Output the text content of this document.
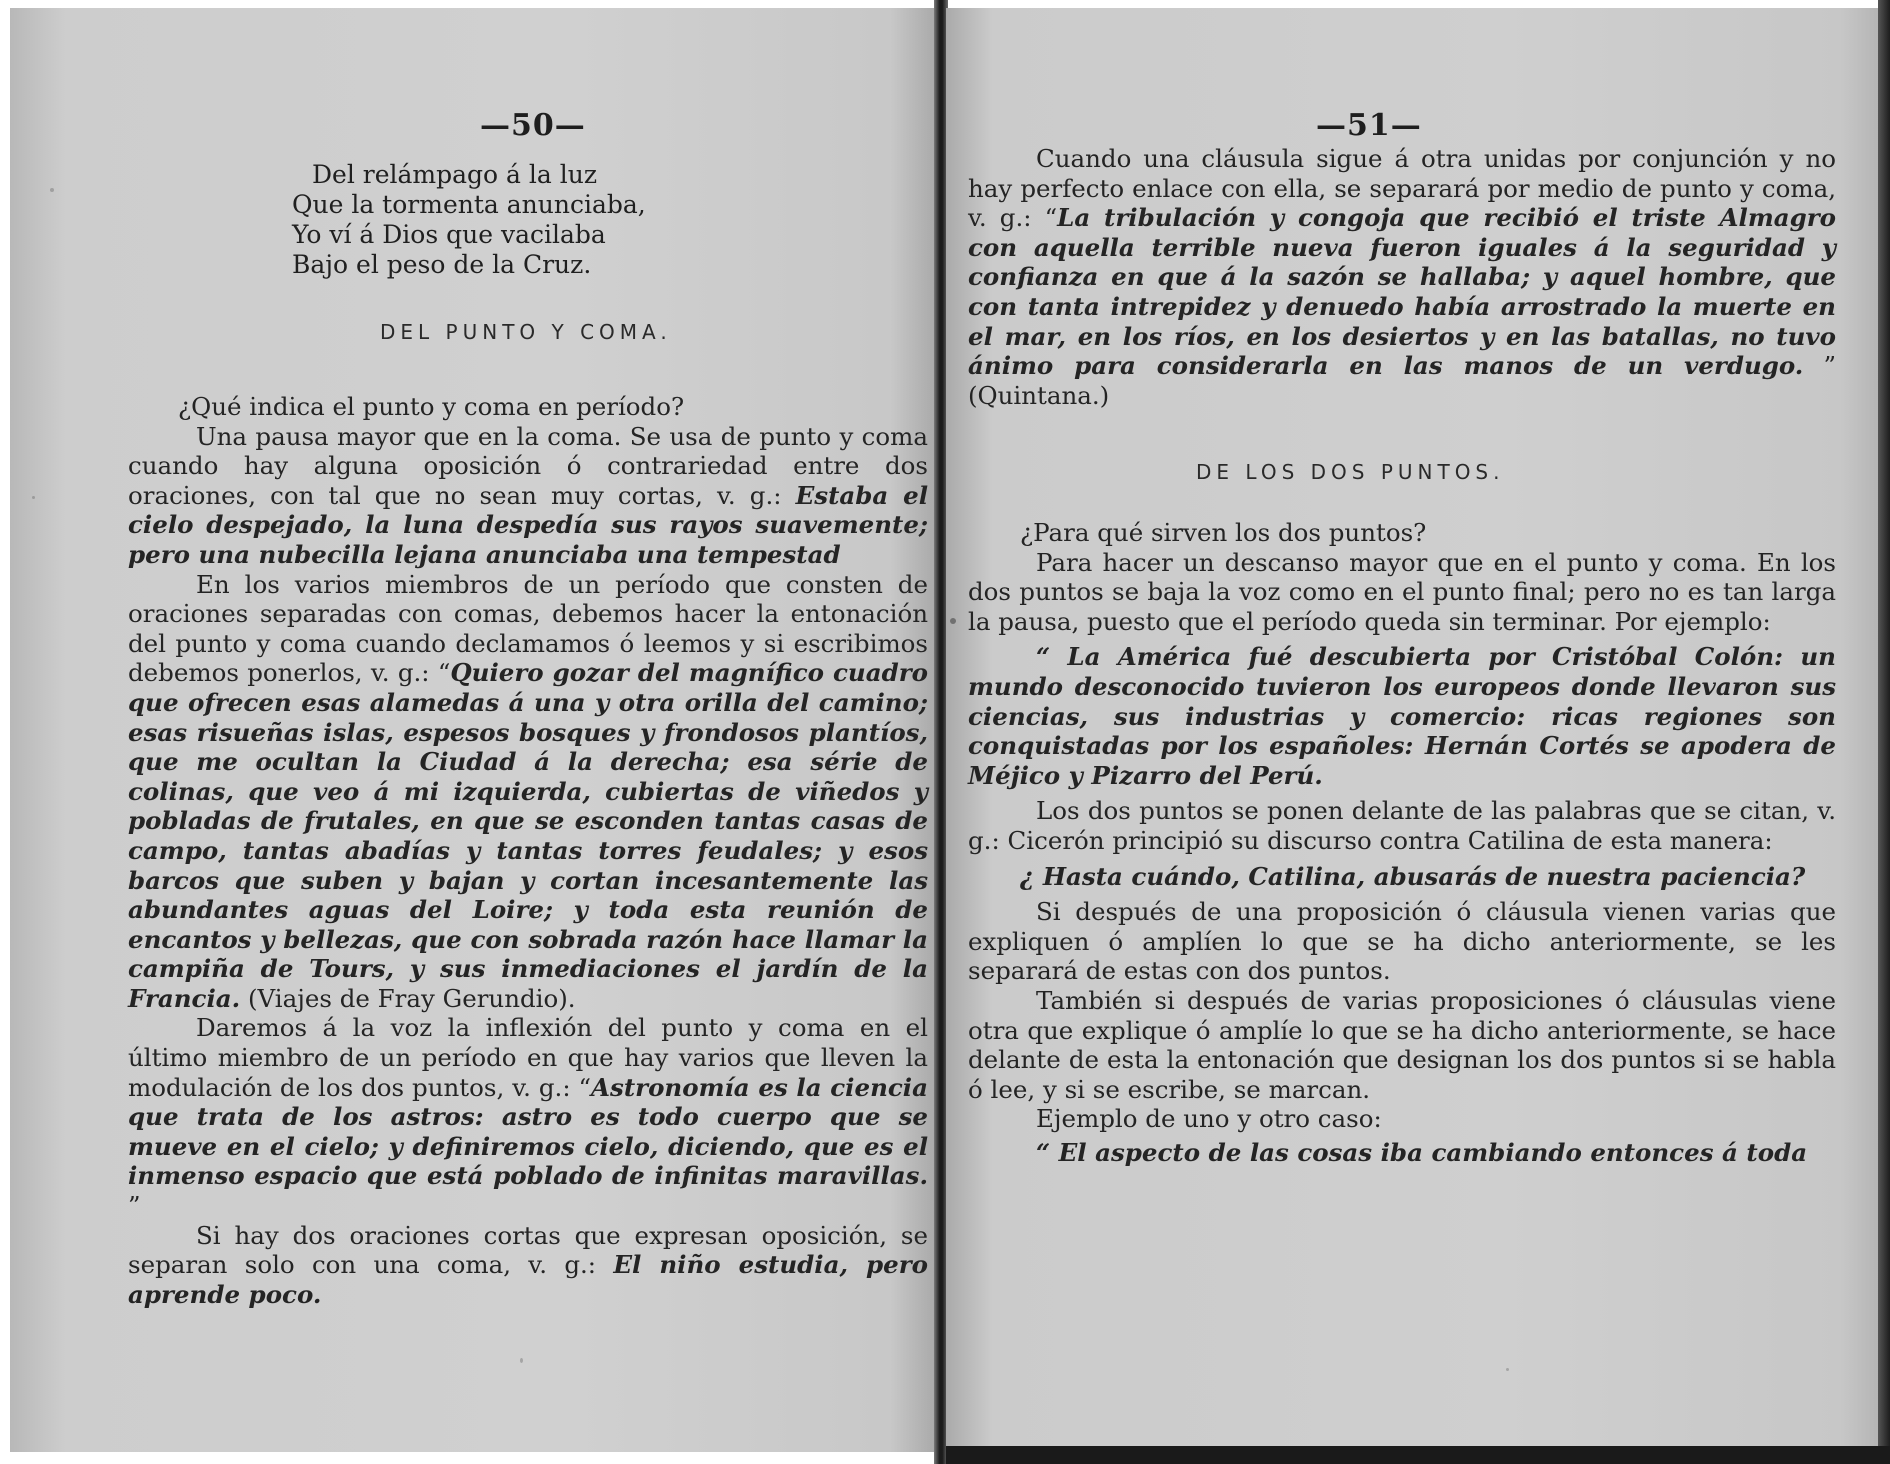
—50—
Del relámpago á la luz
Que la tormenta anunciaba,
Yo ví á Dios que vacilaba
Bajo el peso de la Cruz.
DEL PUNTO Y COMA.

¿Qué indica el punto y coma en período?

Una pausa mayor que en la coma. Se usa de punto y coma cuando hay alguna oposición ó contrariedad entre dos oraciones, con tal que no sean muy cortas, v. g.: Estaba el cielo despejado, la luna despedía sus rayos suavemente; pero una nubecilla lejana anunciaba una tempestad

En los varios miembros de un período que consten de oraciones separadas con comas, debemos hacer la entonación del punto y coma cuando declamamos ó leemos y si escribimos debemos ponerlos, v. g.: “Quiero gozar del magnífico cuadro que ofrecen esas alamedas á una y otra orilla del camino; esas risueñas islas, espesos bosques y frondosos plantíos, que me ocultan la Ciudad á la derecha; esa série de colinas, que veo á mi izquierda, cubiertas de viñedos y pobladas de frutales, en que se esconden tantas casas de campo, tantas abadías y tantas torres feudales; y esos barcos que suben y bajan y cortan incesantemente las abundantes aguas del Loire; y toda esta reunión de encantos y bellezas, que con sobrada razón hace llamar la campiña de Tours, y sus inmediaciones el jardín de la Francia. (Viajes de Fray Gerundio).

Daremos á la voz la inflexión del punto y coma en el último miembro de un período en que hay varios que lleven la modulación de los dos puntos, v. g.: “Astronomía es la ciencia que trata de los astros: astro es todo cuerpo que se mueve en el cielo; y definiremos cielo, diciendo, que es el inmenso espacio que está poblado de infinitas maravillas. ”

Si hay dos oraciones cortas que expresan oposición, se separan solo con una coma, v. g.: El niño estudia, pero aprende poco.

—51—

Cuando una cláusula sigue á otra unidas por conjunción y no hay perfecto enlace con ella, se separará por medio de punto y coma, v. g.: “La tribulación y congoja que recibió el triste Almagro con aquella terrible nueva fueron iguales á la seguridad y confianza en que á la sazón se hallaba; y aquel hombre, que con tanta intrepidez y denuedo había arrostrado la muerte en el mar, en los ríos, en los desiertos y en las batallas, no tuvo ánimo para considerarla en las manos de un verdugo. ” (Quintana.)

DE LOS DOS PUNTOS.

¿Para qué sirven los dos puntos?

Para hacer un descanso mayor que en el punto y coma. En los dos puntos se baja la voz como en el punto final; pero no es tan larga la pausa, puesto que el período queda sin terminar. Por ejemplo:

“ La América fué descubierta por Cristóbal Colón: un mundo desconocido tuvieron los europeos donde llevaron sus ciencias, sus industrias y comercio: ricas regiones son conquistadas por los españoles: Hernán Cortés se apodera de Méjico y Pizarro del Perú.

Los dos puntos se ponen delante de las palabras que se citan, v. g.: Cicerón principió su discurso contra Catilina de esta manera:

¿ Hasta cuándo, Catilina, abusarás de nuestra paciencia?

Si después de una proposición ó cláusula vienen varias que expliquen ó amplíen lo que se ha dicho anteriormente, se les separará de estas con dos puntos.

También si después de varias proposiciones ó cláusulas viene otra que explique ó amplíe lo que se ha dicho anteriormente, se hace delante de esta la entonación que designan los dos puntos si se habla ó lee, y si se escribe, se marcan.

Ejemplo de uno y otro caso:

“ El aspecto de las cosas iba cambiando entonces á toda
